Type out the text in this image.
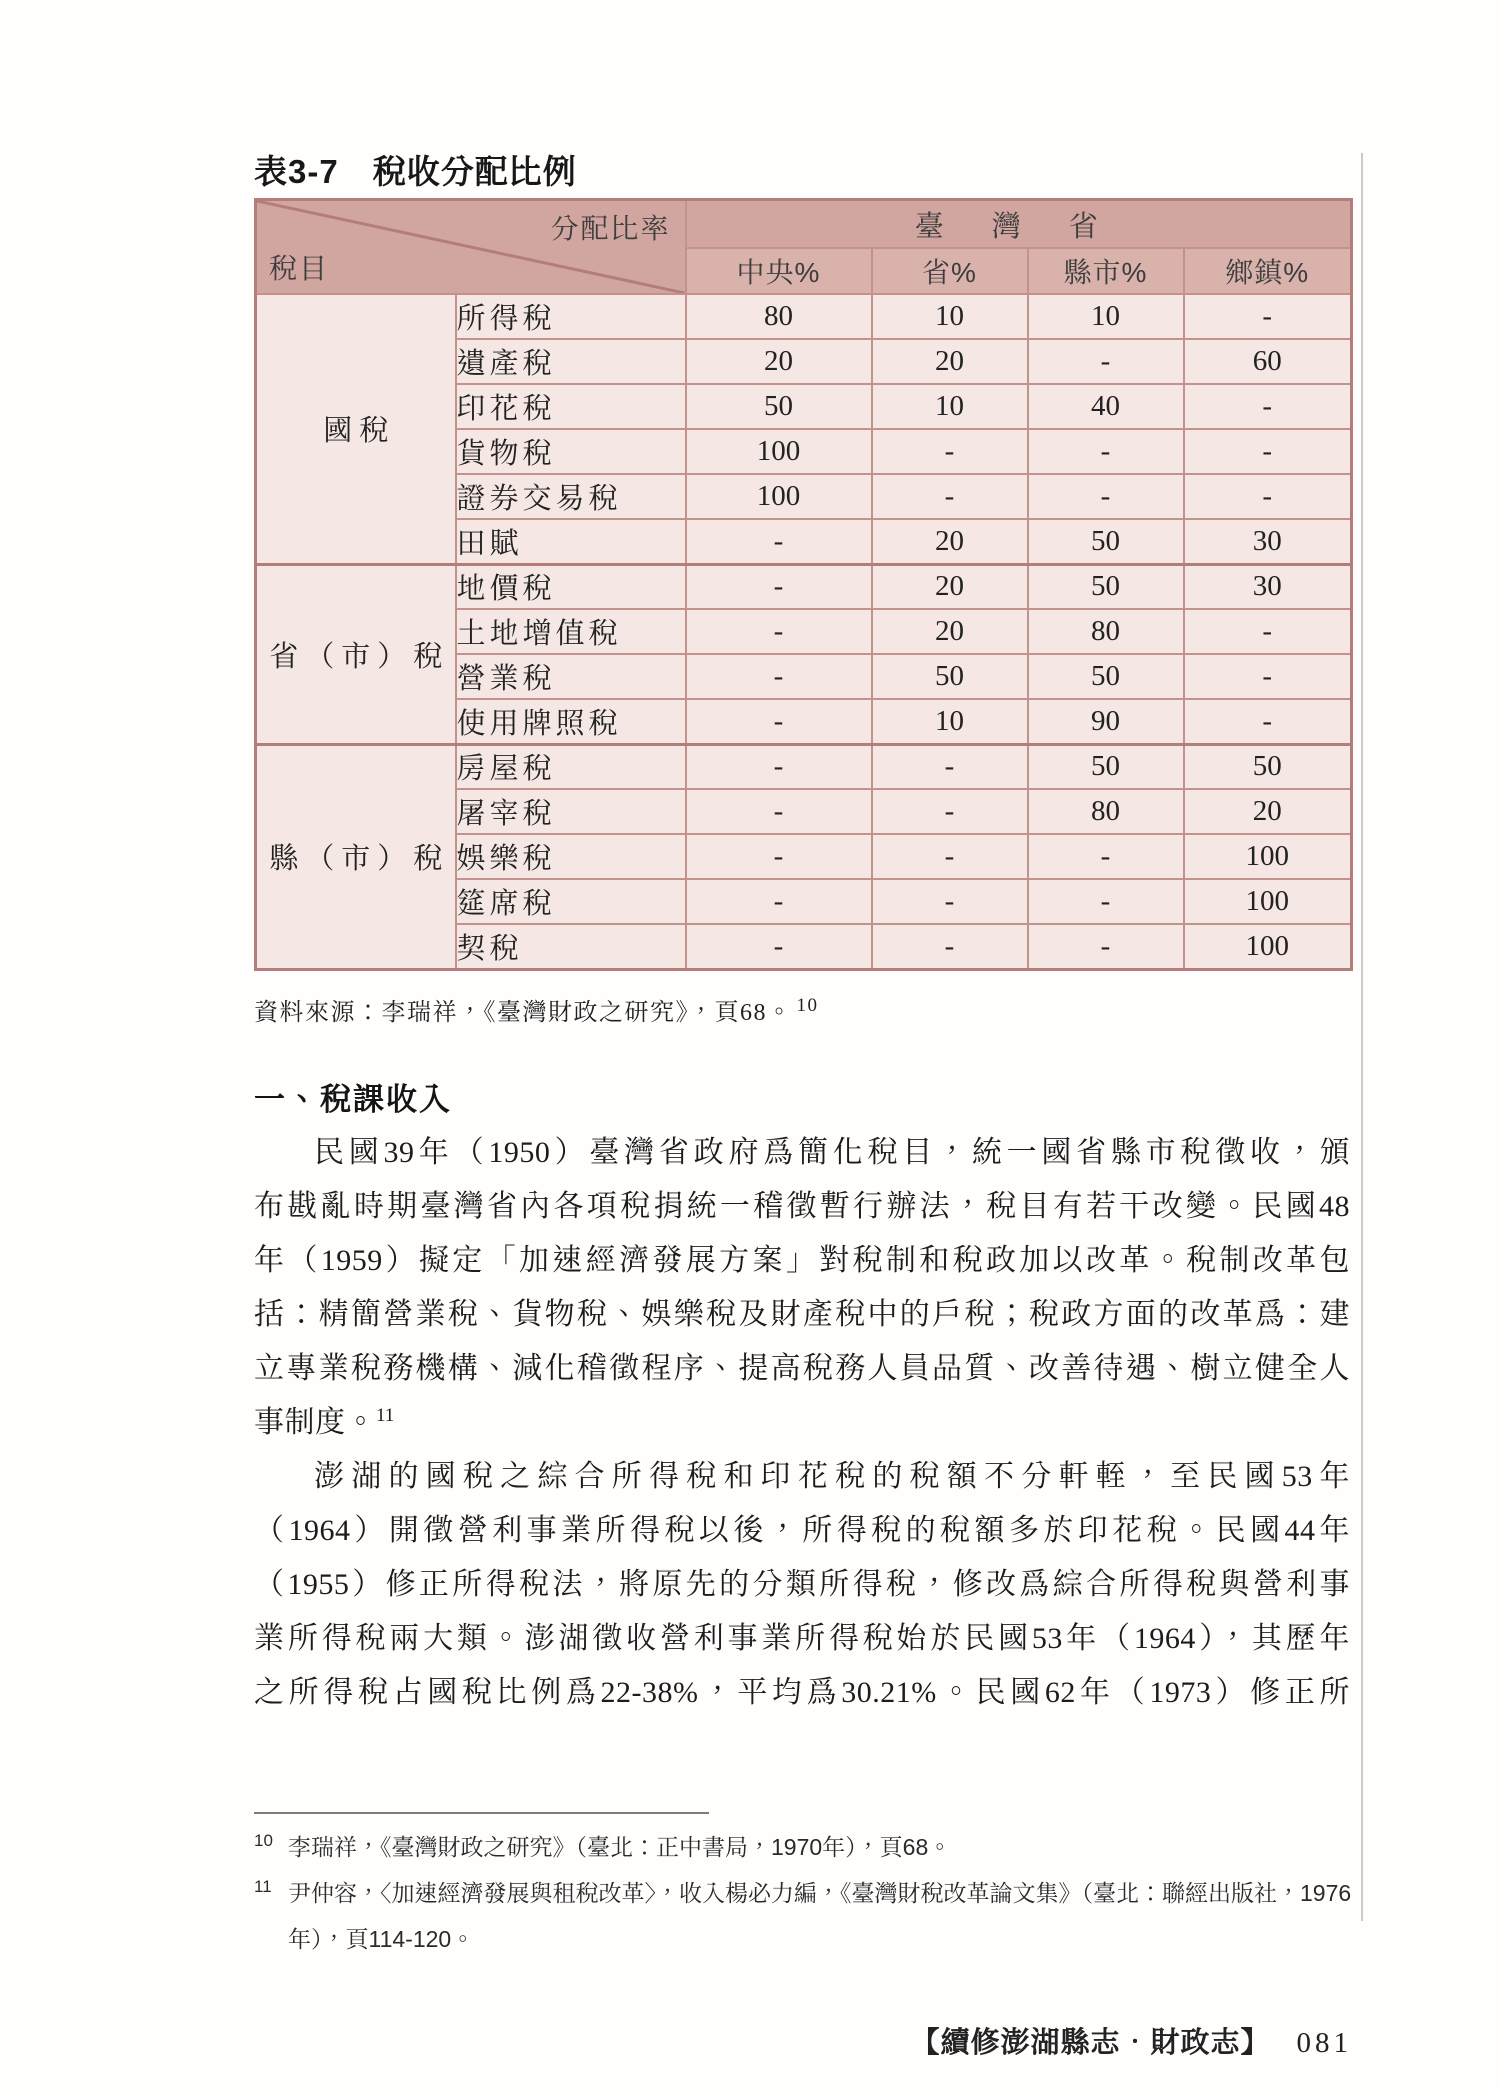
表3-7　稅收分配比例
分配比率
稅目		臺灣省			
		中央%	省%	縣市%	鄉鎮%
國稅	所得稅	80	10	10	-
	遺產稅	20	20	-	60
	印花稅	50	10	40	-
	貨物稅	100	-	-	-
	證券交易稅	100	-	-	-
	田賦	-	20	50	30
省（市）稅	地價稅	-	20	50	30
	土地增值稅	-	20	80	-
	營業稅	-	50	50	-
	使用牌照稅	-	10	90	-
縣（市）稅	房屋稅	-	-	50	50
	屠宰稅	-	-	80	20
	娛樂稅	-	-	-	100
	筵席稅	-	-	-	100
	契稅	-	-	-	100
資料來源：李瑞祥，《臺灣財政之研究》，頁68。 $^{10}$
一、稅課收入
民國39年（1950）臺灣省政府爲簡化稅目，統一國省縣市稅徵收，頒
布戡亂時期臺灣省內各項稅捐統一稽徵暫行辦法，稅目有若干改變。民國48
年（1959）擬定「加速經濟發展方案」對稅制和稅政加以改革。稅制改革包
括：精簡營業稅、貨物稅、娛樂稅及財產稅中的戶稅；稅政方面的改革爲：建
立專業稅務機構、減化稽徵程序、提高稅務人員品質、改善待遇、樹立健全人
事制度。$^{11}$
澎湖的國稅之綜合所得稅和印花稅的稅額不分軒輊，至民國53年
（1964）開徵營利事業所得稅以後，所得稅的稅額多於印花稅。民國44年
（1955）修正所得稅法，將原先的分類所得稅，修改爲綜合所得稅與營利事
業所得稅兩大類。澎湖徵收營利事業所得稅始於民國53年（1964），其歷年
之所得稅占國稅比例爲22-38%，平均爲30.21%。民國62年（1973）修正所
10 李瑞祥，《臺灣財政之研究》（臺北：正中書局，1970年），頁68。
11 尹仲容，〈加速經濟發展與租稅改革〉，收入楊必力編，《臺灣財稅改革論文集》（臺北：聯經出版社，1976
年），頁114-120。
【續修澎湖縣志．財政志】 081
